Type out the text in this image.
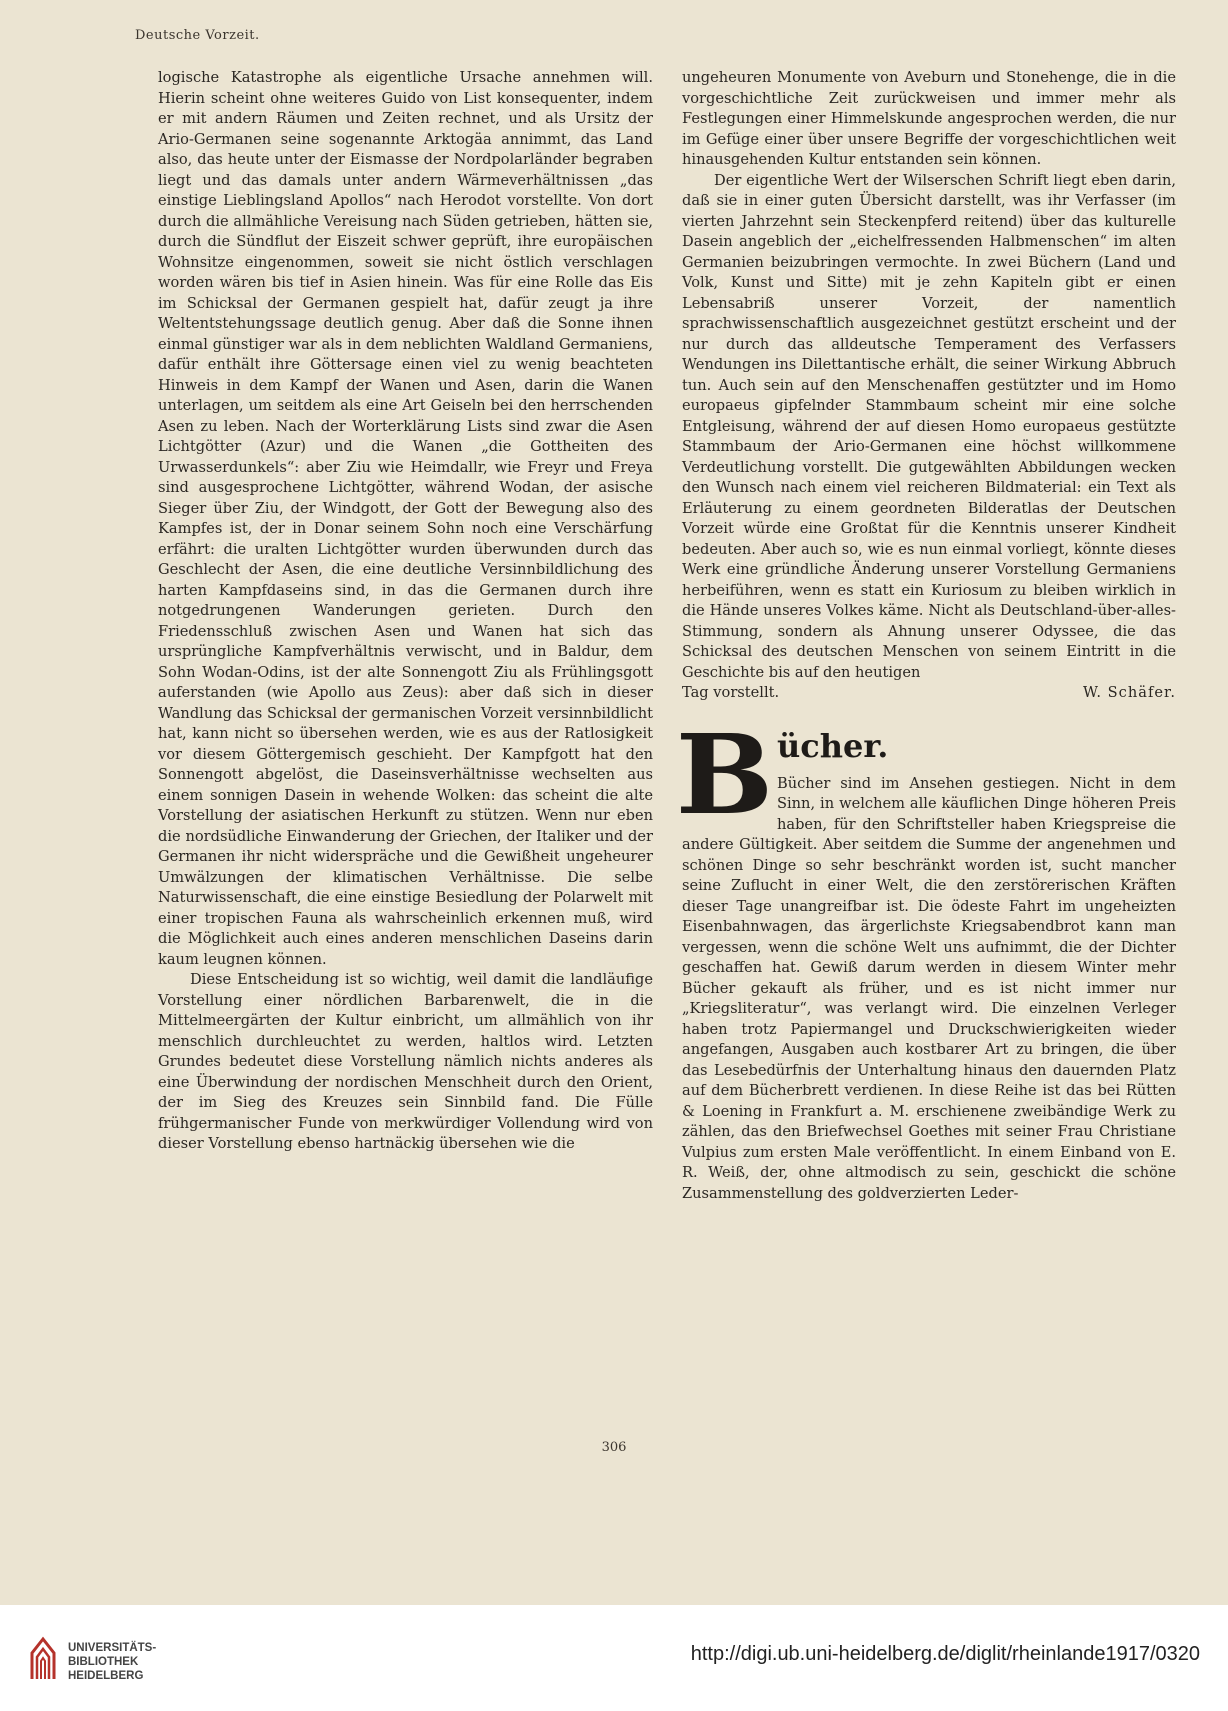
Deutsche Vorzeit.

logische Katastrophe als eigentliche Ursache annehmen will. Hierin scheint ohne weiteres Guido von List konsequenter, indem er mit andern Räumen und Zeiten rechnet, und als Ursitz der Ario-Germanen seine sogenannte Arktogäa annimmt, das Land also, das heute unter der Eismasse der Nordpolarländer begraben liegt und das damals unter andern Wärmeverhältnissen „das einstige Lieblingsland Apollos“ nach Herodot vorstellte. Von dort durch die allmähliche Vereisung nach Süden getrieben, hätten sie, durch die Sündflut der Eiszeit schwer geprüft, ihre europäischen Wohnsitze eingenommen, soweit sie nicht östlich verschlagen worden wären bis tief in Asien hinein. Was für eine Rolle das Eis im Schicksal der Germanen gespielt hat, dafür zeugt ja ihre Weltentstehungssage deutlich genug. Aber daß die Sonne ihnen einmal günstiger war als in dem neblichten Waldland Germaniens, dafür enthält ihre Göttersage einen viel zu wenig beachteten Hinweis in dem Kampf der Wanen und Asen, darin die Wanen unterlagen, um seitdem als eine Art Geiseln bei den herrschenden Asen zu leben. Nach der Worterklärung Lists sind zwar die Asen Lichtgötter (Azur) und die Wanen „die Gottheiten des Urwasserdunkels“: aber Ziu wie Heimdallr, wie Freyr und Freya sind ausgesprochene Lichtgötter, während Wodan, der asische Sieger über Ziu, der Windgott, der Gott der Bewegung also des Kampfes ist, der in Donar seinem Sohn noch eine Verschärfung erfährt: die uralten Lichtgötter wurden überwunden durch das Geschlecht der Asen, die eine deutliche Versinnbildlichung des harten Kampfdaseins sind, in das die Germanen durch ihre notgedrungenen Wanderungen gerieten. Durch den Friedensschluß zwischen Asen und Wanen hat sich das ursprüngliche Kampfverhältnis verwischt, und in Baldur, dem Sohn Wodan-Odins, ist der alte Sonnengott Ziu als Frühlingsgott auferstanden (wie Apollo aus Zeus): aber daß sich in dieser Wandlung das Schicksal der germanischen Vorzeit versinnbildlicht hat, kann nicht so übersehen werden, wie es aus der Ratlosigkeit vor diesem Göttergemisch geschieht. Der Kampfgott hat den Sonnengott abgelöst, die Daseinsverhältnisse wechselten aus einem sonnigen Dasein in wehende Wolken: das scheint die alte Vorstellung der asiatischen Herkunft zu stützen. Wenn nur eben die nordsüdliche Einwanderung der Griechen, der Italiker und der Germanen ihr nicht widerspräche und die Gewißheit ungeheurer Umwälzungen der klimatischen Verhältnisse. Die selbe Naturwissenschaft, die eine einstige Besiedlung der Polarwelt mit einer tropischen Fauna als wahrscheinlich erkennen muß, wird die Möglichkeit auch eines anderen menschlichen Daseins darin kaum leugnen können.

Diese Entscheidung ist so wichtig, weil damit die landläufige Vorstellung einer nördlichen Barbarenwelt, die in die Mittelmeergärten der Kultur einbricht, um allmählich von ihr menschlich durchleuchtet zu werden, haltlos wird. Letzten Grundes bedeutet diese Vorstellung nämlich nichts anderes als eine Überwindung der nordischen Menschheit durch den Orient, der im Sieg des Kreuzes sein Sinnbild fand. Die Fülle frühgermanischer Funde von merkwürdiger Vollendung wird von dieser Vorstellung ebenso hartnäckig übersehen wie die

ungeheuren Monumente von Aveburn und Stonehenge, die in die vorgeschichtliche Zeit zurückweisen und immer mehr als Festlegungen einer Himmelskunde angesprochen werden, die nur im Gefüge einer über unsere Begriffe der vorgeschichtlichen weit hinausgehenden Kultur entstanden sein können.

Der eigentliche Wert der Wilserschen Schrift liegt eben darin, daß sie in einer guten Übersicht darstellt, was ihr Verfasser (im vierten Jahrzehnt sein Steckenpferd reitend) über das kulturelle Dasein angeblich der „eichelfressenden Halbmenschen“ im alten Germanien beizubringen vermochte. In zwei Büchern (Land und Volk, Kunst und Sitte) mit je zehn Kapiteln gibt er einen Lebensabriß unserer Vorzeit, der namentlich sprachwissenschaftlich ausgezeichnet gestützt erscheint und der nur durch das alldeutsche Temperament des Verfassers Wendungen ins Dilettantische erhält, die seiner Wirkung Abbruch tun. Auch sein auf den Menschenaffen gestützter und im Homo europaeus gipfelnder Stammbaum scheint mir eine solche Entgleisung, während der auf diesen Homo europaeus gestützte Stammbaum der Ario-Germanen eine höchst willkommene Verdeutlichung vorstellt. Die gutgewählten Abbildungen wecken den Wunsch nach einem viel reicheren Bildmaterial: ein Text als Erläuterung zu einem geordneten Bilderatlas der Deutschen Vorzeit würde eine Großtat für die Kenntnis unserer Kindheit bedeuten. Aber auch so, wie es nun einmal vorliegt, könnte dieses Werk eine gründliche Änderung unserer Vorstellung Germaniens herbeiführen, wenn es statt ein Kuriosum zu bleiben wirklich in die Hände unseres Volkes käme. Nicht als Deutschland-über-alles-Stimmung, sondern als Ahnung unserer Odyssee, die das Schicksal des deutschen Menschen von seinem Eintritt in die Geschichte bis auf den heutigen

Tag vorstellt.	W. Schäfer.
B ücher.

Bücher sind im Ansehen gestiegen. Nicht in dem Sinn, in welchem alle käuflichen Dinge höheren Preis haben, für den Schriftsteller haben Kriegspreise die andere Gültigkeit. Aber seitdem die Summe der angenehmen und schönen Dinge so sehr beschränkt worden ist, sucht mancher seine Zuflucht in einer Welt, die den zerstörerischen Kräften dieser Tage unangreifbar ist. Die ödeste Fahrt im ungeheizten Eisenbahnwagen, das ärgerlichste Kriegsabendbrot kann man vergessen, wenn die schöne Welt uns aufnimmt, die der Dichter geschaffen hat. Gewiß darum werden in diesem Winter mehr Bücher gekauft als früher, und es ist nicht immer nur „Kriegsliteratur“, was verlangt wird. Die einzelnen Verleger haben trotz Papiermangel und Druckschwierigkeiten wieder angefangen, Ausgaben auch kostbarer Art zu bringen, die über das Lesebedürfnis der Unterhaltung hinaus den dauernden Platz auf dem Bücherbrett verdienen. In diese Reihe ist das bei Rütten & Loening in Frankfurt a. M. erschienene zweibändige Werk zu zählen, das den Briefwechsel Goethes mit seiner Frau Christiane Vulpius zum ersten Male veröffentlicht. In einem Einband von E. R. Weiß, der, ohne altmodisch zu sein, geschickt die schöne Zusammenstellung des goldverzierten Leder-

306
UNIVERSITÄTS-
BIBLIOTHEK
HEIDELBERG
http://digi.ub.uni-heidelberg.de/diglit/rheinlande1917/0320
